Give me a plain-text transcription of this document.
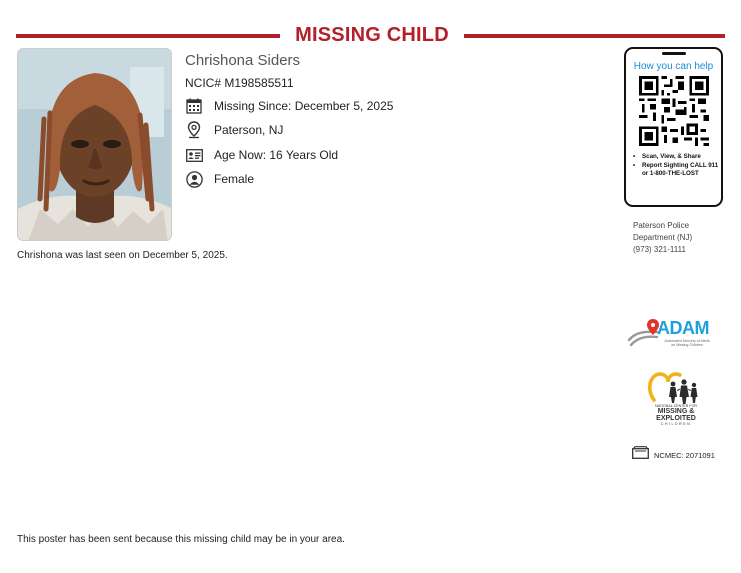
MISSING CHILD
Chrishona Siders
NCIC# M198585511
Missing Since: December 5, 2025
Paterson, NJ
Age Now: 16 Years Old
Female
Chrishona was last seen on December 5, 2025.
How you can help
• Scan, View, & Share
• Report Sighting CALL 911 or 1-800-THE-LOST
Paterson Police
Department (NJ)
(973) 321-1111
ADAM
Automated Delivery of Alerts
on Missing Children
NATIONAL CENTER FOR
MISSING &
EXPLOITED
CHILDREN
NCMEC: 2071091
This poster has been sent because this missing child may be in your area.
